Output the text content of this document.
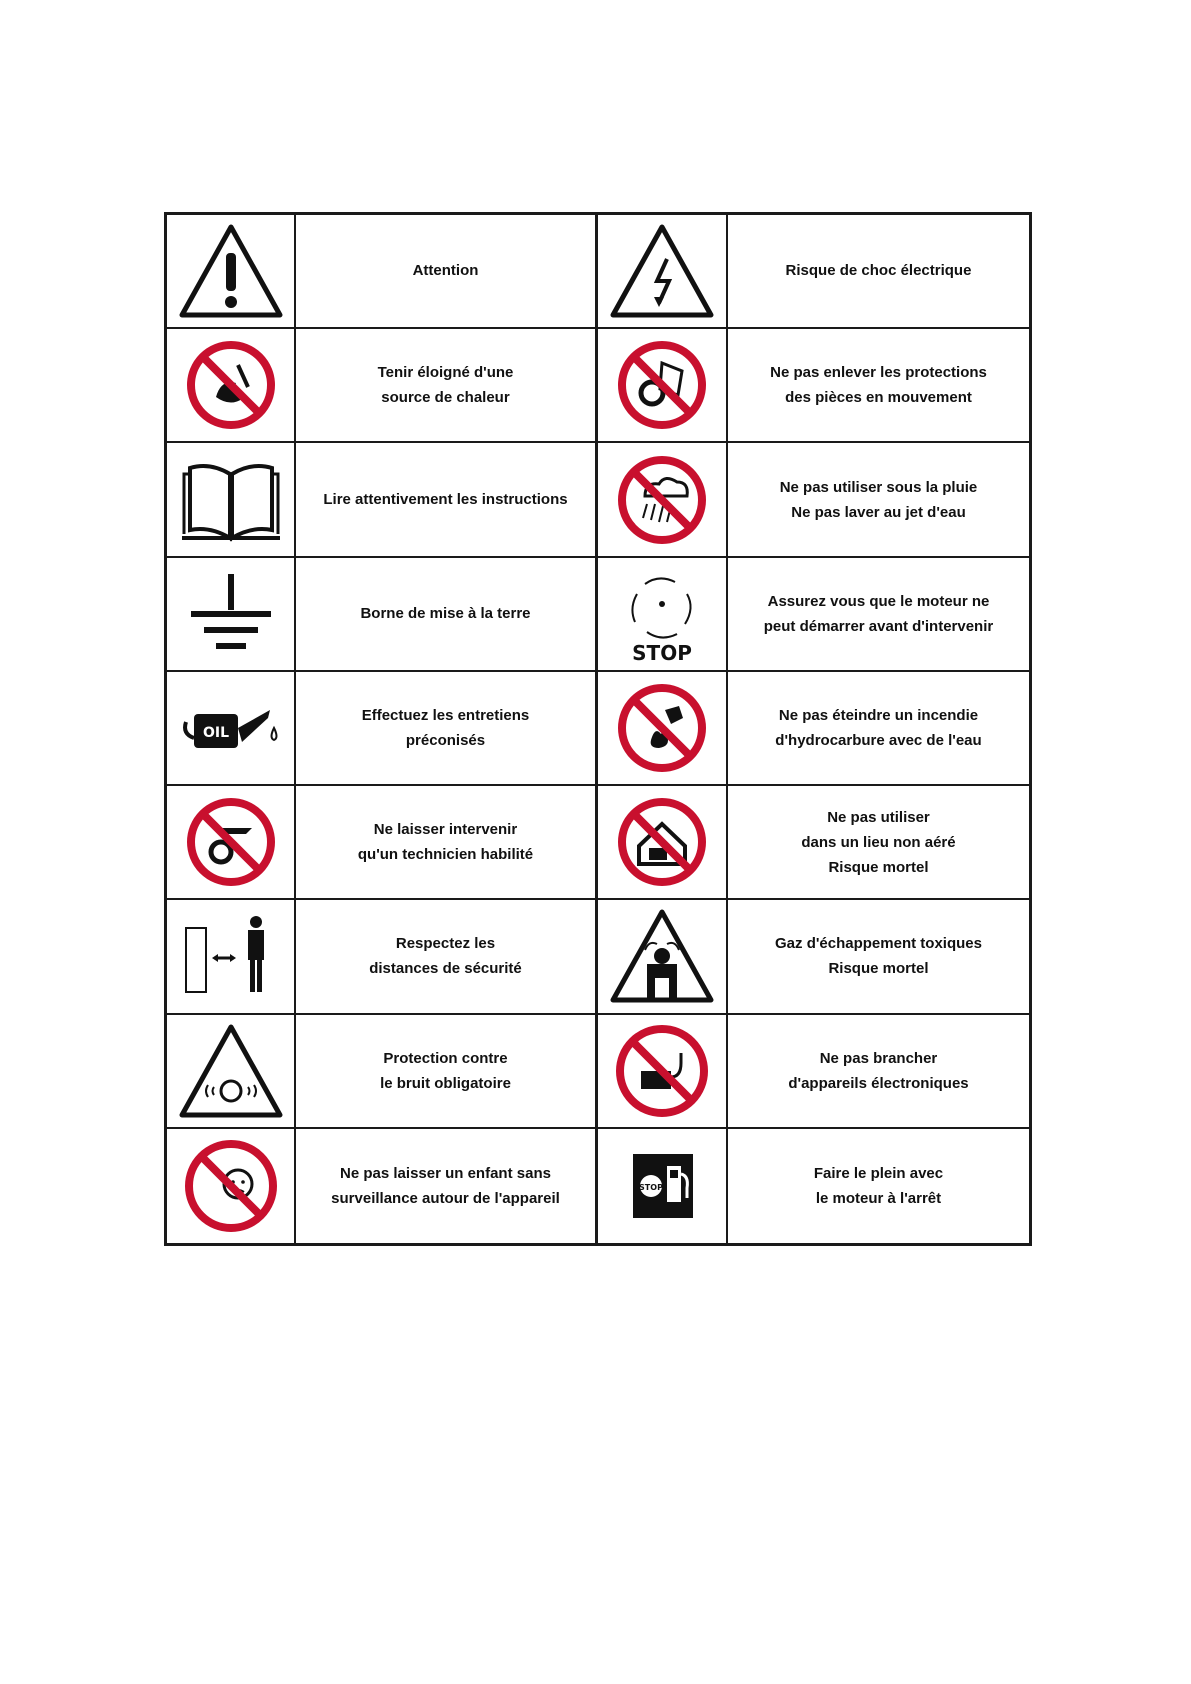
Attention	Risque de choc électrique
Tenir éloigné d'une
source de chaleur
Ne pas enlever les protections
des pièces en mouvement
Lire attentivement les instructions
Ne pas utiliser sous la pluie
Ne pas laver au jet d'eau
Borne de mise à la terre
STOP
Assurez vous que le moteur ne
peut démarrer avant d'intervenir
OIL
Effectuez les entretiens
préconisés
Ne pas éteindre un incendie
d'hydrocarbure avec de l'eau
Ne laisser intervenir
qu'un technicien habilité
Ne pas utiliser
dans un lieu non aéré
Risque mortel
Respectez les
distances de sécurité
Gaz d'échappement toxiques
Risque mortel
Protection contre
le bruit obligatoire
Ne pas brancher
d'appareils électroniques
Ne pas laisser un enfant sans
surveillance autour de l'appareil
STOP
Faire le plein avec
le moteur à l'arrêt
